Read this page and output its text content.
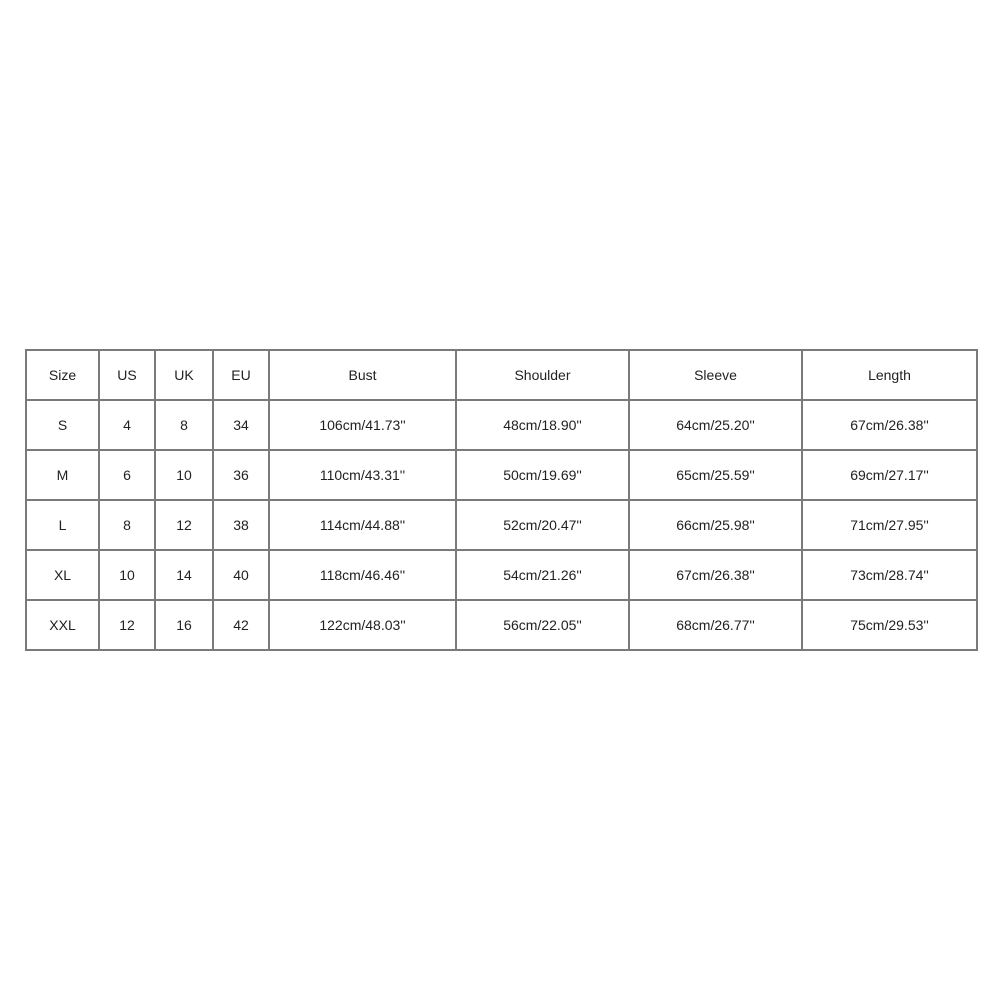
Size	US	UK	EU	Bust	Shoulder	Sleeve	Length
S	4	8	34	106cm/41.73''	48cm/18.90''	64cm/25.20''	67cm/26.38''
M	6	10	36	110cm/43.31''	50cm/19.69''	65cm/25.59''	69cm/27.17''
L	8	12	38	114cm/44.88''	52cm/20.47''	66cm/25.98''	71cm/27.95''
XL	10	14	40	118cm/46.46''	54cm/21.26''	67cm/26.38''	73cm/28.74''
XXL	12	16	42	122cm/48.03''	56cm/22.05''	68cm/26.77''	75cm/29.53''
